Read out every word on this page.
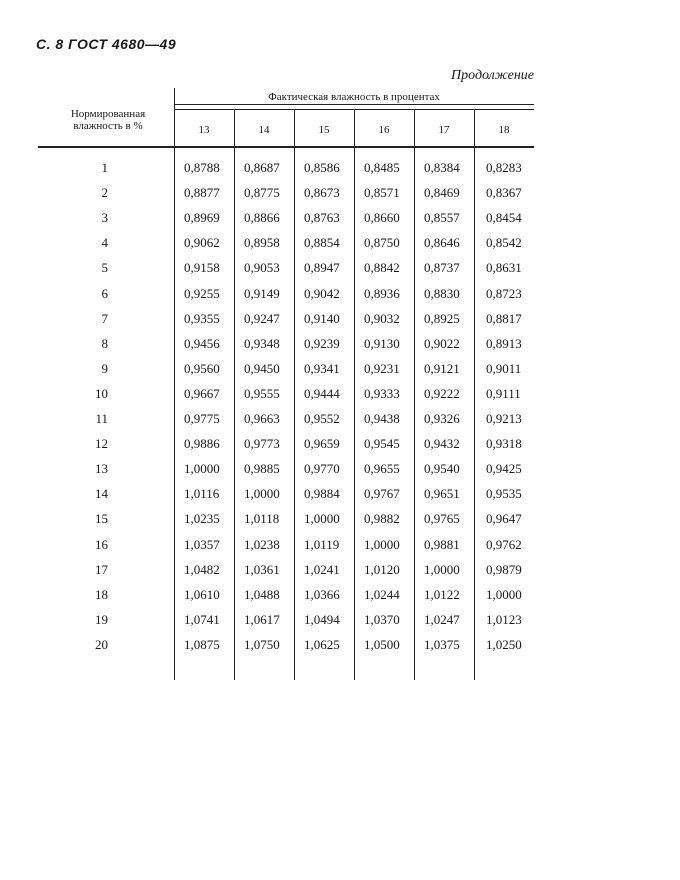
С. 8 ГОСТ 4680—49
Продолжение
Нормированная влажность в %
Фактическая влажность в процентах
13	14	15	16	17	18
1	0,8788 0,8687 0,8586 0,8485 0,8384 0,8283
2	0,8877 0,8775 0,8673 0,8571 0,8469 0,8367
3	0,8969 0,8866 0,8763 0,8660 0,8557 0,8454
4	0,9062 0,8958 0,8854 0,8750 0,8646 0,8542
5	0,9158 0,9053 0,8947 0,8842 0,8737 0,8631
6	0,9255 0,9149 0,9042 0,8936 0,8830 0,8723
7	0,9355 0,9247 0,9140 0,9032 0,8925 0,8817
8	0,9456 0,9348 0,9239 0,9130 0,9022 0,8913
9	0,9560 0,9450 0,9341 0,9231 0,9121 0,9011
10	0,9667 0,9555 0,9444 0,9333 0,9222 0,9111
11	0,9775 0,9663 0,9552 0,9438 0,9326 0,9213
12	0,9886 0,9773 0,9659 0,9545 0,9432 0,9318
13	1,0000 0,9885 0,9770 0,9655 0,9540 0,9425
14	1,0116 1,0000 0,9884 0,9767 0,9651 0,9535
15	1,0235 1,0118 1,0000 0,9882 0,9765 0,9647
16	1,0357 1,0238 1,0119 1,0000 0,9881 0,9762
17	1,0482 1,0361 1,0241 1,0120 1,0000 0,9879
18	1,0610 1,0488 1,0366 1,0244 1,0122 1,0000
19	1,0741 1,0617 1,0494 1,0370 1,0247 1,0123
20	1,0875 1,0750 1,0625 1,0500 1,0375 1,0250
